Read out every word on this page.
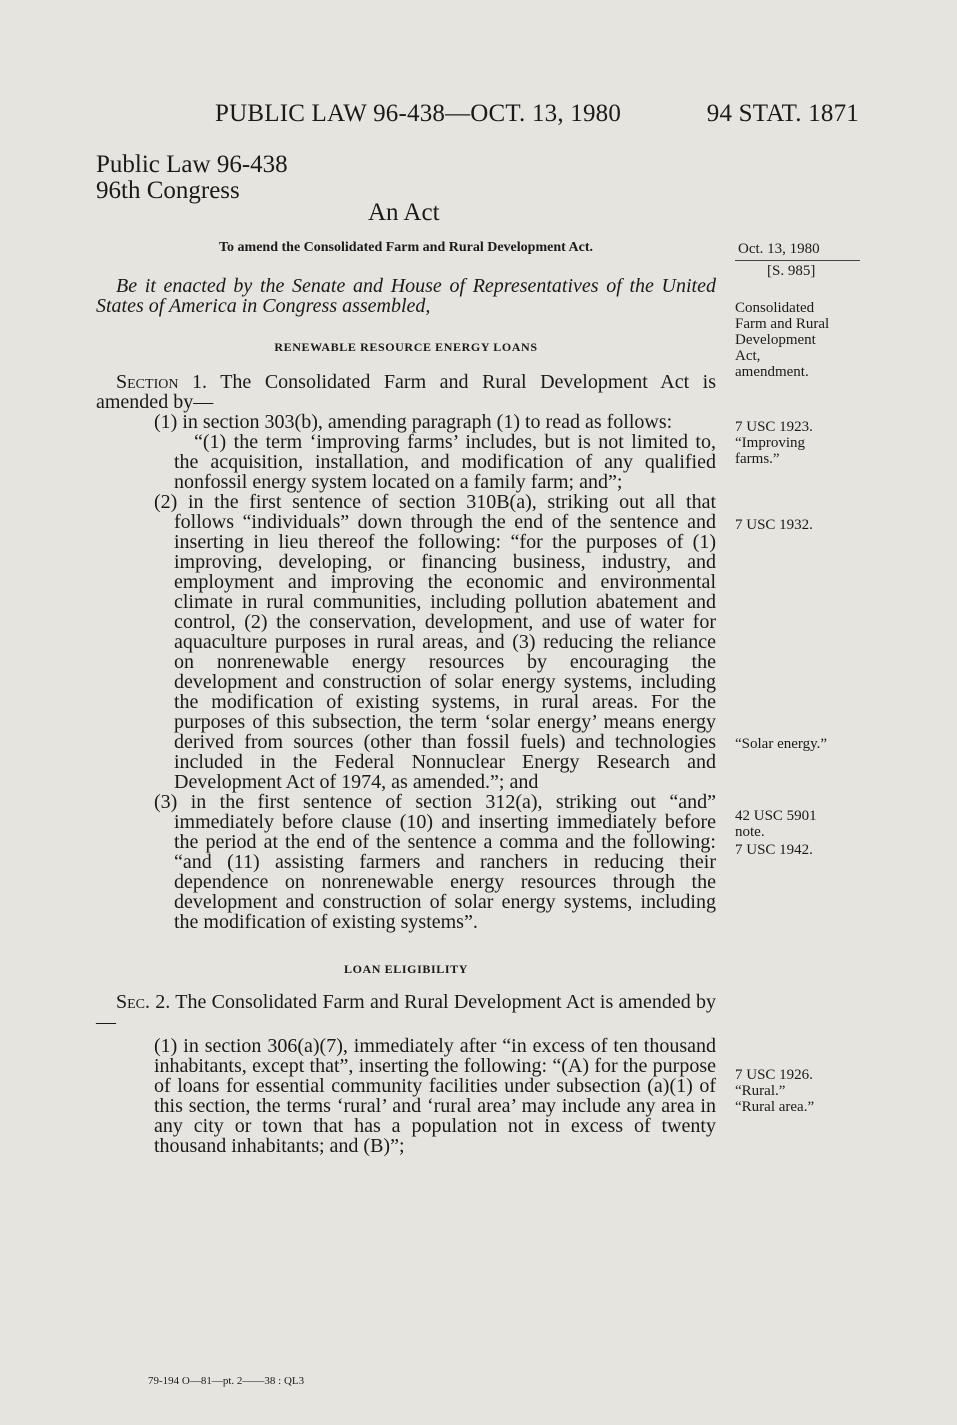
PUBLIC LAW 96-438—OCT. 13, 1980	94 STAT. 1871
Public Law 96-438
96th Congress
An Act
To amend the Consolidated Farm and Rural Development Act.

Be it enacted by the Senate and House of Representatives of the United States of America in Congress assembled,

RENEWABLE RESOURCE ENERGY LOANS

Section 1. The Consolidated Farm and Rural Development Act is amended by—

(1) in section 303(b), amending paragraph (1) to read as follows:

“(1) the term ‘improving farms’ includes, but is not limited to, the acquisition, installation, and modification of any qualified nonfossil energy system located on a family farm; and”;

(2) in the first sentence of section 310B(a), striking out all that follows “individuals” down through the end of the sentence and inserting in lieu thereof the following: “for the purposes of (1) improving, developing, or financing business, industry, and employment and improving the economic and environmental climate in rural communities, including pollution abatement and control, (2) the conservation, development, and use of water for aquaculture purposes in rural areas, and (3) reducing the reliance on nonrenewable energy resources by encouraging the development and construction of solar energy systems, including the modification of existing systems, in rural areas. For the purposes of this subsection, the term ‘solar energy’ means energy derived from sources (other than fossil fuels) and technologies included in the Federal Nonnuclear Energy Research and Development Act of 1974, as amended.”; and

(3) in the first sentence of section 312(a), striking out “and” immediately before clause (10) and inserting immediately before the period at the end of the sentence a comma and the following: “and (11) assisting farmers and ranchers in reducing their dependence on nonrenewable energy resources through the development and construction of solar energy systems, including the modification of existing systems”.

LOAN ELIGIBILITY

Sec. 2. The Consolidated Farm and Rural Development Act is amended by—

(1) in section 306(a)(7), immediately after “in excess of ten thousand inhabitants, except that”, inserting the following: “(A) for the purpose of loans for essential community facilities under subsection (a)(1) of this section, the terms ‘rural’ and ‘rural area’ may include any area in any city or town that has a population not in excess of twenty thousand inhabitants; and (B)”;

Oct. 13, 1980
[S. 985]
Consolidated
Farm and Rural
Development
Act,
amendment.
7 USC 1923.
“Improving
farms.”
7 USC 1932.
“Solar energy.”
42 USC 5901
note.
7 USC 1942.
7 USC 1926.
“Rural.”
“Rural area.”
79-194 O—81—pt. 2——38 : QL3
